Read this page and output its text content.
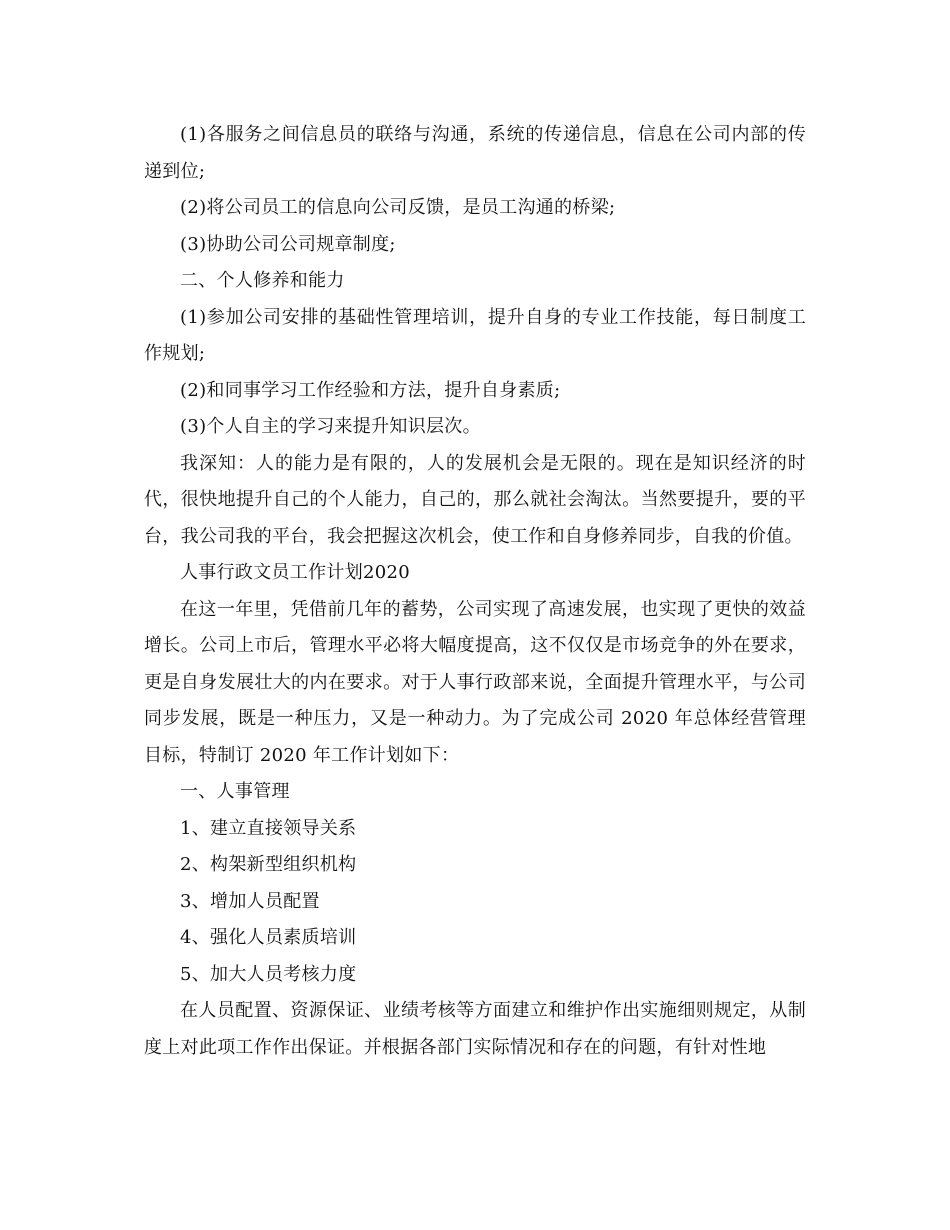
(1)各服务之间信息员的联络与沟通，系统的传递信息，信息在公司内部的传递到位;

(2)将公司员工的信息向公司反馈，是员工沟通的桥梁;

(3)协助公司公司规章制度;

二、个人修养和能力

(1)参加公司安排的基础性管理培训，提升自身的专业工作技能，每日制度工作规划;

(2)和同事学习工作经验和方法，提升自身素质;

(3)个人自主的学习来提升知识层次。

我深知：人的能力是有限的，人的发展机会是无限的。现在是知识经济的时代，很快地提升自己的个人能力，自己的，那么就社会淘汰。当然要提升，要的平台，我公司我的平台，我会把握这次机会，使工作和自身修养同步，自我的价值。

人事行政文员工作计划2020

在这一年里，凭借前几年的蓄势，公司实现了高速发展，也实现了更快的效益增长。公司上市后，管理水平必将大幅度提高，这不仅仅是市场竞争的外在要求，更是自身发展壮大的内在要求。对于人事行政部来说，全面提升管理水平，与公司同步发展，既是一种压力，又是一种动力。为了完成公司 2020 年总体经营管理目标，特制订 2020 年工作计划如下：

一、人事管理

1、建立直接领导关系

2、构架新型组织机构

3、增加人员配置

4、强化人员素质培训

5、加大人员考核力度

在人员配置、资源保证、业绩考核等方面建立和维护作出实施细则规定，从制度上对此项工作作出保证。并根据各部门实际情况和存在的问题，有针对性地
